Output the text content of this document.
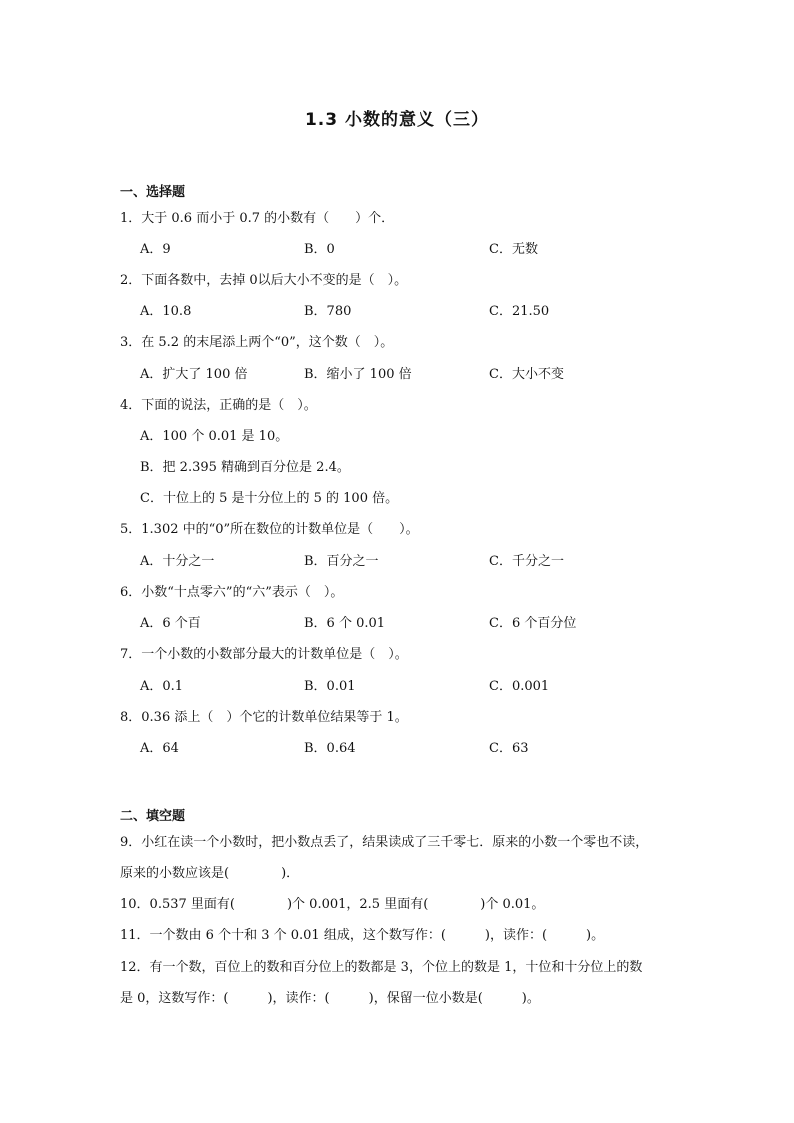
1.3 小数的意义（三）
一、选择题
1．大于 0.6 而小于 0.7 的小数有（　　）个．
A．9	B．0	C．无数
2．下面各数中，去掉 0以后大小不变的是（　）。
A．10.8	B．780	C．21.50
3．在 5.2 的末尾添上两个“0”，这个数（　）。
A．扩大了 100 倍	B．缩小了 100 倍	C．大小不变
4．下面的说法，正确的是（　）。
A．100 个 0.01 是 10。
B．把 2.395 精确到百分位是 2.4。
C．十位上的 5 是十分位上的 5 的 100 倍。
5．1.302 中的“0”所在数位的计数单位是（　　）。
A．十分之一	B．百分之一	C．千分之一
6．小数“十点零六”的“六”表示（　）。
A．6 个百	B．6 个 0.01	C．6 个百分位
7．一个小数的小数部分最大的计数单位是（　）。
A．0.1	B．0.01	C．0.001
8．0.36 添上（　）个它的计数单位结果等于 1。
A．64	B．0.64	C．63
二、填空题
9．小红在读一个小数时，把小数点丢了，结果读成了三千零七．原来的小数一个零也不读，
原来的小数应该是(　　　　)．
10．0.537 里面有(　　　　)个 0.001，2.5 里面有(　　　　)个 0.01。
11．一个数由 6 个十和 3 个 0.01 组成，这个数写作：(　　　)，读作：(　　　)。
12．有一个数，百位上的数和百分位上的数都是 3，个位上的数是 1，十位和十分位上的数
是 0，这数写作：(　　　)，读作：(　　　)，保留一位小数是(　　　)。
